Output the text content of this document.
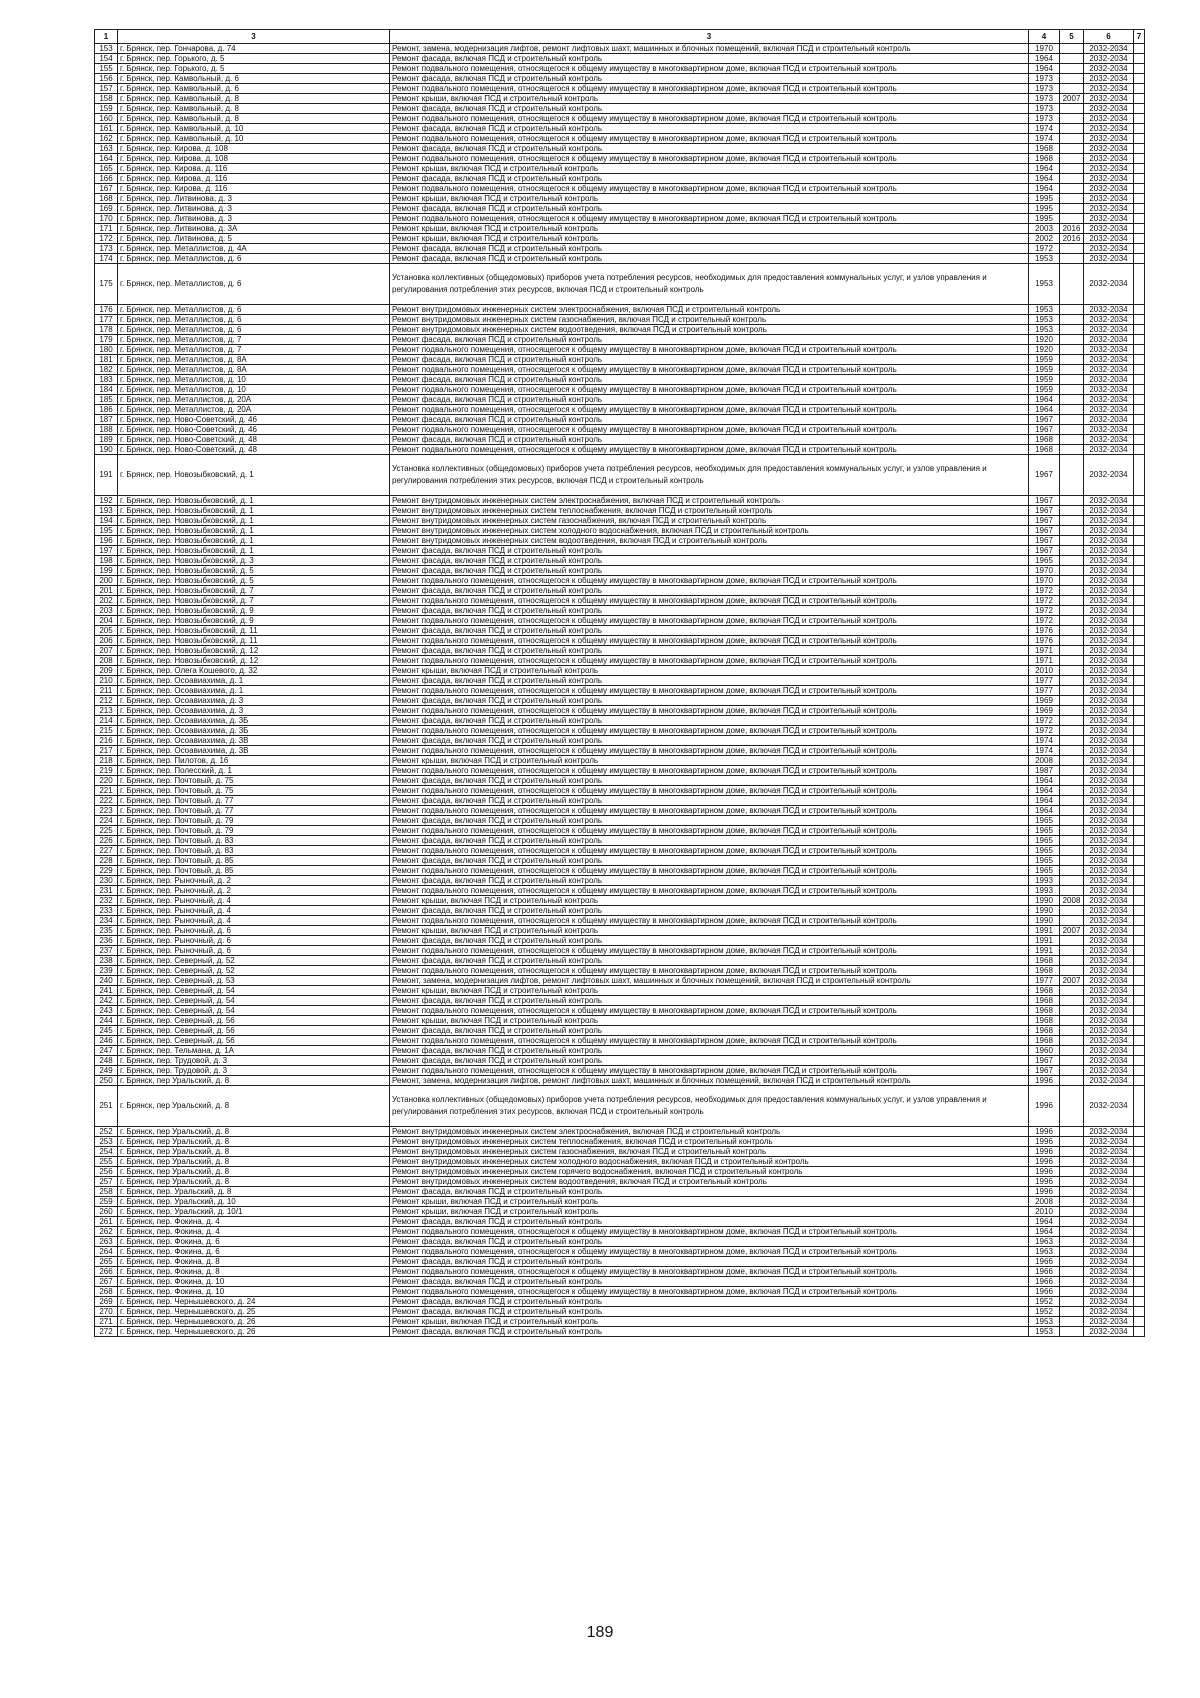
1	3	3	4	5	6	7
153	г. Брянск, пер. Гончарова, д. 74	Ремонт, замена, модернизация лифтов, ремонт лифтовых шахт, машинных и блочных помещений, включая ПСД и строительный контроль	1970		2032-2034	
154	г. Брянск, пер. Горького, д. 5	Ремонт фасада, включая ПСД и строительный контроль	1964		2032-2034	
155	г. Брянск, пер. Горького, д. 5	Ремонт подвального помещения, относящегося к общему имуществу в многоквартирном доме, включая ПСД и строительный контроль	1964		2032-2034	
156	г. Брянск, пер. Камвольный, д. 6	Ремонт фасада, включая ПСД и строительный контроль	1973		2032-2034	
157	г. Брянск, пер. Камвольный, д. 6	Ремонт подвального помещения, относящегося к общему имуществу в многоквартирном доме, включая ПСД и строительный контроль	1973		2032-2034	
158	г. Брянск, пер. Камвольный, д. 8	Ремонт крыши, включая ПСД и строительный контроль	1973	2007	2032-2034	
159	г. Брянск, пер. Камвольный, д. 8	Ремонт фасада, включая ПСД и строительный контроль	1973		2032-2034	
160	г. Брянск, пер. Камвольный, д. 8	Ремонт подвального помещения, относящегося к общему имуществу в многоквартирном доме, включая ПСД и строительный контроль	1973		2032-2034	
161	г. Брянск, пер. Камвольный, д. 10	Ремонт фасада, включая ПСД и строительный контроль	1974		2032-2034	
162	г. Брянск, пер. Камвольный, д. 10	Ремонт подвального помещения, относящегося к общему имуществу в многоквартирном доме, включая ПСД и строительный контроль	1974		2032-2034	
163	г. Брянск, пер. Кирова, д. 108	Ремонт фасада, включая ПСД и строительный контроль	1968		2032-2034	
164	г. Брянск, пер. Кирова, д. 108	Ремонт подвального помещения, относящегося к общему имуществу в многоквартирном доме, включая ПСД и строительный контроль	1968		2032-2034	
165	г. Брянск, пер. Кирова, д. 116	Ремонт крыши, включая ПСД и строительный контроль	1964		2032-2034	
166	г. Брянск, пер. Кирова, д. 116	Ремонт фасада, включая ПСД и строительный контроль	1964		2032-2034	
167	г. Брянск, пер. Кирова, д. 116	Ремонт подвального помещения, относящегося к общему имуществу в многоквартирном доме, включая ПСД и строительный контроль	1964		2032-2034	
168	г. Брянск, пер. Литвинова, д. 3	Ремонт крыши, включая ПСД и строительный контроль	1995		2032-2034	
169	г. Брянск, пер. Литвинова, д. 3	Ремонт фасада, включая ПСД и строительный контроль	1995		2032-2034	
170	г. Брянск, пер. Литвинова, д. 3	Ремонт подвального помещения, относящегося к общему имуществу в многоквартирном доме, включая ПСД и строительный контроль	1995		2032-2034	
171	г. Брянск, пер. Литвинова, д. 3А	Ремонт крыши, включая ПСД и строительный контроль	2003	2016	2032-2034	
172	г. Брянск, пер. Литвинова, д. 5	Ремонт крыши, включая ПСД и строительный контроль	2002	2016	2032-2034	
173	г. Брянск, пер. Металлистов, д. 4А	Ремонт фасада, включая ПСД и строительный контроль	1972		2032-2034	
174	г. Брянск, пер. Металлистов, д. 6	Ремонт фасада, включая ПСД и строительный контроль	1953		2032-2034	
175	г. Брянск, пер. Металлистов, д. 6	Установка коллективных (общедомовых) приборов учета потребления ресурсов, необходимых для предоставления коммунальных услуг, и узлов управления и регулирования потребления этих ресурсов, включая ПСД и строительный контроль	1953		2032-2034	
176	г. Брянск, пер. Металлистов, д. 6	Ремонт внутридомовых инженерных систем электроснабжения, включая ПСД и строительный контроль	1953		2032-2034	
177	г. Брянск, пер. Металлистов, д. 6	Ремонт внутридомовых инженерных систем газоснабжения, включая ПСД и строительный контроль	1953		2032-2034	
178	г. Брянск, пер. Металлистов, д. 6	Ремонт внутридомовых инженерных систем водоотведения, включая ПСД и строительный контроль	1953		2032-2034	
179	г. Брянск, пер. Металлистов, д. 7	Ремонт фасада, включая ПСД и строительный контроль	1920		2032-2034	
180	г. Брянск, пер. Металлистов, д. 7	Ремонт подвального помещения, относящегося к общему имуществу в многоквартирном доме, включая ПСД и строительный контроль	1920		2032-2034	
181	г. Брянск, пер. Металлистов, д. 8А	Ремонт фасада, включая ПСД и строительный контроль	1959		2032-2034	
182	г. Брянск, пер. Металлистов, д. 8А	Ремонт подвального помещения, относящегося к общему имуществу в многоквартирном доме, включая ПСД и строительный контроль	1959		2032-2034	
183	г. Брянск, пер. Металлистов, д. 10	Ремонт фасада, включая ПСД и строительный контроль	1959		2032-2034	
184	г. Брянск, пер. Металлистов, д. 10	Ремонт подвального помещения, относящегося к общему имуществу в многоквартирном доме, включая ПСД и строительный контроль	1959		2032-2034	
185	г. Брянск, пер. Металлистов, д. 20А	Ремонт фасада, включая ПСД и строительный контроль	1964		2032-2034	
186	г. Брянск, пер. Металлистов, д. 20А	Ремонт подвального помещения, относящегося к общему имуществу в многоквартирном доме, включая ПСД и строительный контроль	1964		2032-2034	
187	г. Брянск, пер. Ново-Советский, д. 46	Ремонт фасада, включая ПСД и строительный контроль	1967		2032-2034	
188	г. Брянск, пер. Ново-Советский, д. 46	Ремонт подвального помещения, относящегося к общему имуществу в многоквартирном доме, включая ПСД и строительный контроль	1967		2032-2034	
189	г. Брянск, пер. Ново-Советский, д. 48	Ремонт фасада, включая ПСД и строительный контроль	1968		2032-2034	
190	г. Брянск, пер. Ново-Советский, д. 48	Ремонт подвального помещения, относящегося к общему имуществу в многоквартирном доме, включая ПСД и строительный контроль	1968		2032-2034	
191	г. Брянск, пер. Новозыбковский, д. 1	Установка коллективных (общедомовых) приборов учета потребления ресурсов, необходимых для предоставления коммунальных услуг, и узлов управления и регулирования потребления этих ресурсов, включая ПСД и строительный контроль	1967		2032-2034	
192	г. Брянск, пер. Новозыбковский, д. 1	Ремонт внутридомовых инженерных систем электроснабжения, включая ПСД и строительный контроль	1967		2032-2034	
193	г. Брянск, пер. Новозыбковский, д. 1	Ремонт внутридомовых инженерных систем теплоснабжения, включая ПСД и строительный контроль	1967		2032-2034	
194	г. Брянск, пер. Новозыбковский, д. 1	Ремонт внутридомовых инженерных систем газоснабжения, включая ПСД и строительный контроль	1967		2032-2034	
195	г. Брянск, пер. Новозыбковский, д. 1	Ремонт внутридомовых инженерных систем холодного водоснабжения, включая ПСД и строительный контроль	1967		2032-2034	
196	г. Брянск, пер. Новозыбковский, д. 1	Ремонт внутридомовых инженерных систем водоотведения, включая ПСД и строительный контроль	1967		2032-2034	
197	г. Брянск, пер. Новозыбковский, д. 1	Ремонт фасада, включая ПСД и строительный контроль	1967		2032-2034	
198	г. Брянск, пер. Новозыбковский, д. 3	Ремонт фасада, включая ПСД и строительный контроль	1965		2032-2034	
199	г. Брянск, пер. Новозыбковский, д. 5	Ремонт фасада, включая ПСД и строительный контроль	1970		2032-2034	
200	г. Брянск, пер. Новозыбковский, д. 5	Ремонт подвального помещения, относящегося к общему имуществу в многоквартирном доме, включая ПСД и строительный контроль	1970		2032-2034	
201	г. Брянск, пер. Новозыбковский, д. 7	Ремонт фасада, включая ПСД и строительный контроль	1972		2032-2034	
202	г. Брянск, пер. Новозыбковский, д. 7	Ремонт подвального помещения, относящегося к общему имуществу в многоквартирном доме, включая ПСД и строительный контроль	1972		2032-2034	
203	г. Брянск, пер. Новозыбковский, д. 9	Ремонт фасада, включая ПСД и строительный контроль	1972		2032-2034	
204	г. Брянск, пер. Новозыбковский, д. 9	Ремонт подвального помещения, относящегося к общему имуществу в многоквартирном доме, включая ПСД и строительный контроль	1972		2032-2034	
205	г. Брянск, пер. Новозыбковский, д. 11	Ремонт фасада, включая ПСД и строительный контроль	1976		2032-2034	
206	г. Брянск, пер. Новозыбковский, д. 11	Ремонт подвального помещения, относящегося к общему имуществу в многоквартирном доме, включая ПСД и строительный контроль	1976		2032-2034	
207	г. Брянск, пер. Новозыбковский, д. 12	Ремонт фасада, включая ПСД и строительный контроль	1971		2032-2034	
208	г. Брянск, пер. Новозыбковский, д. 12	Ремонт подвального помещения, относящегося к общему имуществу в многоквартирном доме, включая ПСД и строительный контроль	1971		2032-2034	
209	г. Брянск, пер. Олега Кошевого, д. 32	Ремонт крыши, включая ПСД и строительный контроль	2010		2032-2034	
210	г. Брянск, пер. Осоавиахима, д. 1	Ремонт фасада, включая ПСД и строительный контроль	1977		2032-2034	
211	г. Брянск, пер. Осоавиахима, д. 1	Ремонт подвального помещения, относящегося к общему имуществу в многоквартирном доме, включая ПСД и строительный контроль	1977		2032-2034	
212	г. Брянск, пер. Осоавиахима, д. 3	Ремонт фасада, включая ПСД и строительный контроль	1969		2032-2034	
213	г. Брянск, пер. Осоавиахима, д. 3	Ремонт подвального помещения, относящегося к общему имуществу в многоквартирном доме, включая ПСД и строительный контроль	1969		2032-2034	
214	г. Брянск, пер. Осоавиахима, д. 3Б	Ремонт фасада, включая ПСД и строительный контроль	1972		2032-2034	
215	г. Брянск, пер. Осоавиахима, д. 3Б	Ремонт подвального помещения, относящегося к общему имуществу в многоквартирном доме, включая ПСД и строительный контроль	1972		2032-2034	
216	г. Брянск, пер. Осоавиахима, д. 3В	Ремонт фасада, включая ПСД и строительный контроль	1974		2032-2034	
217	г. Брянск, пер. Осоавиахима, д. 3В	Ремонт подвального помещения, относящегося к общему имуществу в многоквартирном доме, включая ПСД и строительный контроль	1974		2032-2034	
218	г. Брянск, пер. Пилотов, д. 16	Ремонт крыши, включая ПСД и строительный контроль	2008		2032-2034	
219	г. Брянск, пер. Полесский, д. 1	Ремонт подвального помещения, относящегося к общему имуществу в многоквартирном доме, включая ПСД и строительный контроль	1987		2032-2034	
220	г. Брянск, пер. Почтовый, д. 75	Ремонт фасада, включая ПСД и строительный контроль	1964		2032-2034	
221	г. Брянск, пер. Почтовый, д. 75	Ремонт подвального помещения, относящегося к общему имуществу в многоквартирном доме, включая ПСД и строительный контроль	1964		2032-2034	
222	г. Брянск, пер. Почтовый, д. 77	Ремонт фасада, включая ПСД и строительный контроль	1964		2032-2034	
223	г. Брянск, пер. Почтовый, д. 77	Ремонт подвального помещения, относящегося к общему имуществу в многоквартирном доме, включая ПСД и строительный контроль	1964		2032-2034	
224	г. Брянск, пер. Почтовый, д. 79	Ремонт фасада, включая ПСД и строительный контроль	1965		2032-2034	
225	г. Брянск, пер. Почтовый, д. 79	Ремонт подвального помещения, относящегося к общему имуществу в многоквартирном доме, включая ПСД и строительный контроль	1965		2032-2034	
226	г. Брянск, пер. Почтовый, д. 83	Ремонт фасада, включая ПСД и строительный контроль	1965		2032-2034	
227	г. Брянск, пер. Почтовый, д. 83	Ремонт подвального помещения, относящегося к общему имуществу в многоквартирном доме, включая ПСД и строительный контроль	1965		2032-2034	
228	г. Брянск, пер. Почтовый, д. 85	Ремонт фасада, включая ПСД и строительный контроль	1965		2032-2034	
229	г. Брянск, пер. Почтовый, д. 85	Ремонт подвального помещения, относящегося к общему имуществу в многоквартирном доме, включая ПСД и строительный контроль	1965		2032-2034	
230	г. Брянск, пер. Рыночный, д. 2	Ремонт фасада, включая ПСД и строительный контроль	1993		2032-2034	
231	г. Брянск, пер. Рыночный, д. 2	Ремонт подвального помещения, относящегося к общему имуществу в многоквартирном доме, включая ПСД и строительный контроль	1993		2032-2034	
232	г. Брянск, пер. Рыночный, д. 4	Ремонт крыши, включая ПСД и строительный контроль	1990	2008	2032-2034	
233	г. Брянск, пер. Рыночный, д. 4	Ремонт фасада, включая ПСД и строительный контроль	1990		2032-2034	
234	г. Брянск, пер. Рыночный, д. 4	Ремонт подвального помещения, относящегося к общему имуществу в многоквартирном доме, включая ПСД и строительный контроль	1990		2032-2034	
235	г. Брянск, пер. Рыночный, д. 6	Ремонт крыши, включая ПСД и строительный контроль	1991	2007	2032-2034	
236	г. Брянск, пер. Рыночный, д. 6	Ремонт фасада, включая ПСД и строительный контроль	1991		2032-2034	
237	г. Брянск, пер. Рыночный, д. 6	Ремонт подвального помещения, относящегося к общему имуществу в многоквартирном доме, включая ПСД и строительный контроль	1991		2032-2034	
238	г. Брянск, пер. Северный, д. 52	Ремонт фасада, включая ПСД и строительный контроль	1968		2032-2034	
239	г. Брянск, пер. Северный, д. 52	Ремонт подвального помещения, относящегося к общему имуществу в многоквартирном доме, включая ПСД и строительный контроль	1968		2032-2034	
240	г. Брянск, пер. Северный, д. 53	Ремонт, замена, модернизация лифтов, ремонт лифтовых шахт, машинных и блочных помещений, включая ПСД и строительный контроль	1977	2007	2032-2034	
241	г. Брянск, пер. Северный, д. 54	Ремонт крыши, включая ПСД и строительный контроль	1968		2032-2034	
242	г. Брянск, пер. Северный, д. 54	Ремонт фасада, включая ПСД и строительный контроль	1968		2032-2034	
243	г. Брянск, пер. Северный, д. 54	Ремонт подвального помещения, относящегося к общему имуществу в многоквартирном доме, включая ПСД и строительный контроль	1968		2032-2034	
244	г. Брянск, пер. Северный, д. 56	Ремонт крыши, включая ПСД и строительный контроль	1968		2032-2034	
245	г. Брянск, пер. Северный, д. 56	Ремонт фасада, включая ПСД и строительный контроль	1968		2032-2034	
246	г. Брянск, пер. Северный, д. 56	Ремонт подвального помещения, относящегося к общему имуществу в многоквартирном доме, включая ПСД и строительный контроль	1968		2032-2034	
247	г. Брянск, пер. Тельмана, д. 1А	Ремонт фасада, включая ПСД и строительный контроль	1960		2032-2034	
248	г. Брянск, пер. Трудовой, д. 3	Ремонт фасада, включая ПСД и строительный контроль	1967		2032-2034	
249	г. Брянск, пер. Трудовой, д. 3	Ремонт подвального помещения, относящегося к общему имуществу в многоквартирном доме, включая ПСД и строительный контроль	1967		2032-2034	
250	г. Брянск, пер Уральский, д. 8	Ремонт, замена, модернизация лифтов, ремонт лифтовых шахт, машинных и блочных помещений, включая ПСД и строительный контроль	1996		2032-2034	
251	г. Брянск, пер Уральский, д. 8	Установка коллективных (общедомовых) приборов учета потребления ресурсов, необходимых для предоставления коммунальных услуг, и узлов управления и регулирования потребления этих ресурсов, включая ПСД и строительный контроль	1996		2032-2034	
252	г. Брянск, пер Уральский, д. 8	Ремонт внутридомовых инженерных систем электроснабжения, включая ПСД и строительный контроль	1996		2032-2034	
253	г. Брянск, пер Уральский, д. 8	Ремонт внутридомовых инженерных систем теплоснабжения, включая ПСД и строительный контроль	1996		2032-2034	
254	г. Брянск, пер Уральский, д. 8	Ремонт внутридомовых инженерных систем газоснабжения, включая ПСД и строительный контроль	1996		2032-2034	
255	г. Брянск, пер Уральский, д. 8	Ремонт внутридомовых инженерных систем холодного водоснабжения, включая ПСД и строительный контроль	1996		2032-2034	
256	г. Брянск, пер Уральский, д. 8	Ремонт внутридомовых инженерных систем горячего водоснабжения, включая ПСД и строительный контроль	1996		2032-2034	
257	г. Брянск, пер Уральский, д. 8	Ремонт внутридомовых инженерных систем водоотведения, включая ПСД и строительный контроль	1996		2032-2034	
258	г. Брянск, пер. Уральский, д. 8	Ремонт фасада, включая ПСД и строительный контроль	1996		2032-2034	
259	г. Брянск, пер. Уральский, д. 10	Ремонт крыши, включая ПСД и строительный контроль	2008		2032-2034	
260	г. Брянск, пер. Уральский, д. 10/1	Ремонт крыши, включая ПСД и строительный контроль	2010		2032-2034	
261	г. Брянск, пер. Фокина, д. 4	Ремонт фасада, включая ПСД и строительный контроль	1964		2032-2034	
262	г. Брянск, пер. Фокина, д. 4	Ремонт подвального помещения, относящегося к общему имуществу в многоквартирном доме, включая ПСД и строительный контроль	1964		2032-2034	
263	г. Брянск, пер. Фокина, д. 6	Ремонт фасада, включая ПСД и строительный контроль	1963		2032-2034	
264	г. Брянск, пер. Фокина, д. 6	Ремонт подвального помещения, относящегося к общему имуществу в многоквартирном доме, включая ПСД и строительный контроль	1963		2032-2034	
265	г. Брянск, пер. Фокина, д. 8	Ремонт фасада, включая ПСД и строительный контроль	1966		2032-2034	
266	г. Брянск, пер. Фокина, д. 8	Ремонт подвального помещения, относящегося к общему имуществу в многоквартирном доме, включая ПСД и строительный контроль	1966		2032-2034	
267	г. Брянск, пер. Фокина, д. 10	Ремонт фасада, включая ПСД и строительный контроль	1966		2032-2034	
268	г. Брянск, пер. Фокина, д. 10	Ремонт подвального помещения, относящегося к общему имуществу в многоквартирном доме, включая ПСД и строительный контроль	1966		2032-2034	
269	г. Брянск, пер. Чернышевского, д. 24	Ремонт фасада, включая ПСД и строительный контроль	1952		2032-2034	
270	г. Брянск, пер. Чернышевского, д. 25	Ремонт фасада, включая ПСД и строительный контроль	1952		2032-2034	
271	г. Брянск, пер. Чернышевского, д. 26	Ремонт крыши, включая ПСД и строительный контроль	1953		2032-2034	
272	г. Брянск, пер. Чернышевского, д. 26	Ремонт фасада, включая ПСД и строительный контроль	1953		2032-2034	
189
